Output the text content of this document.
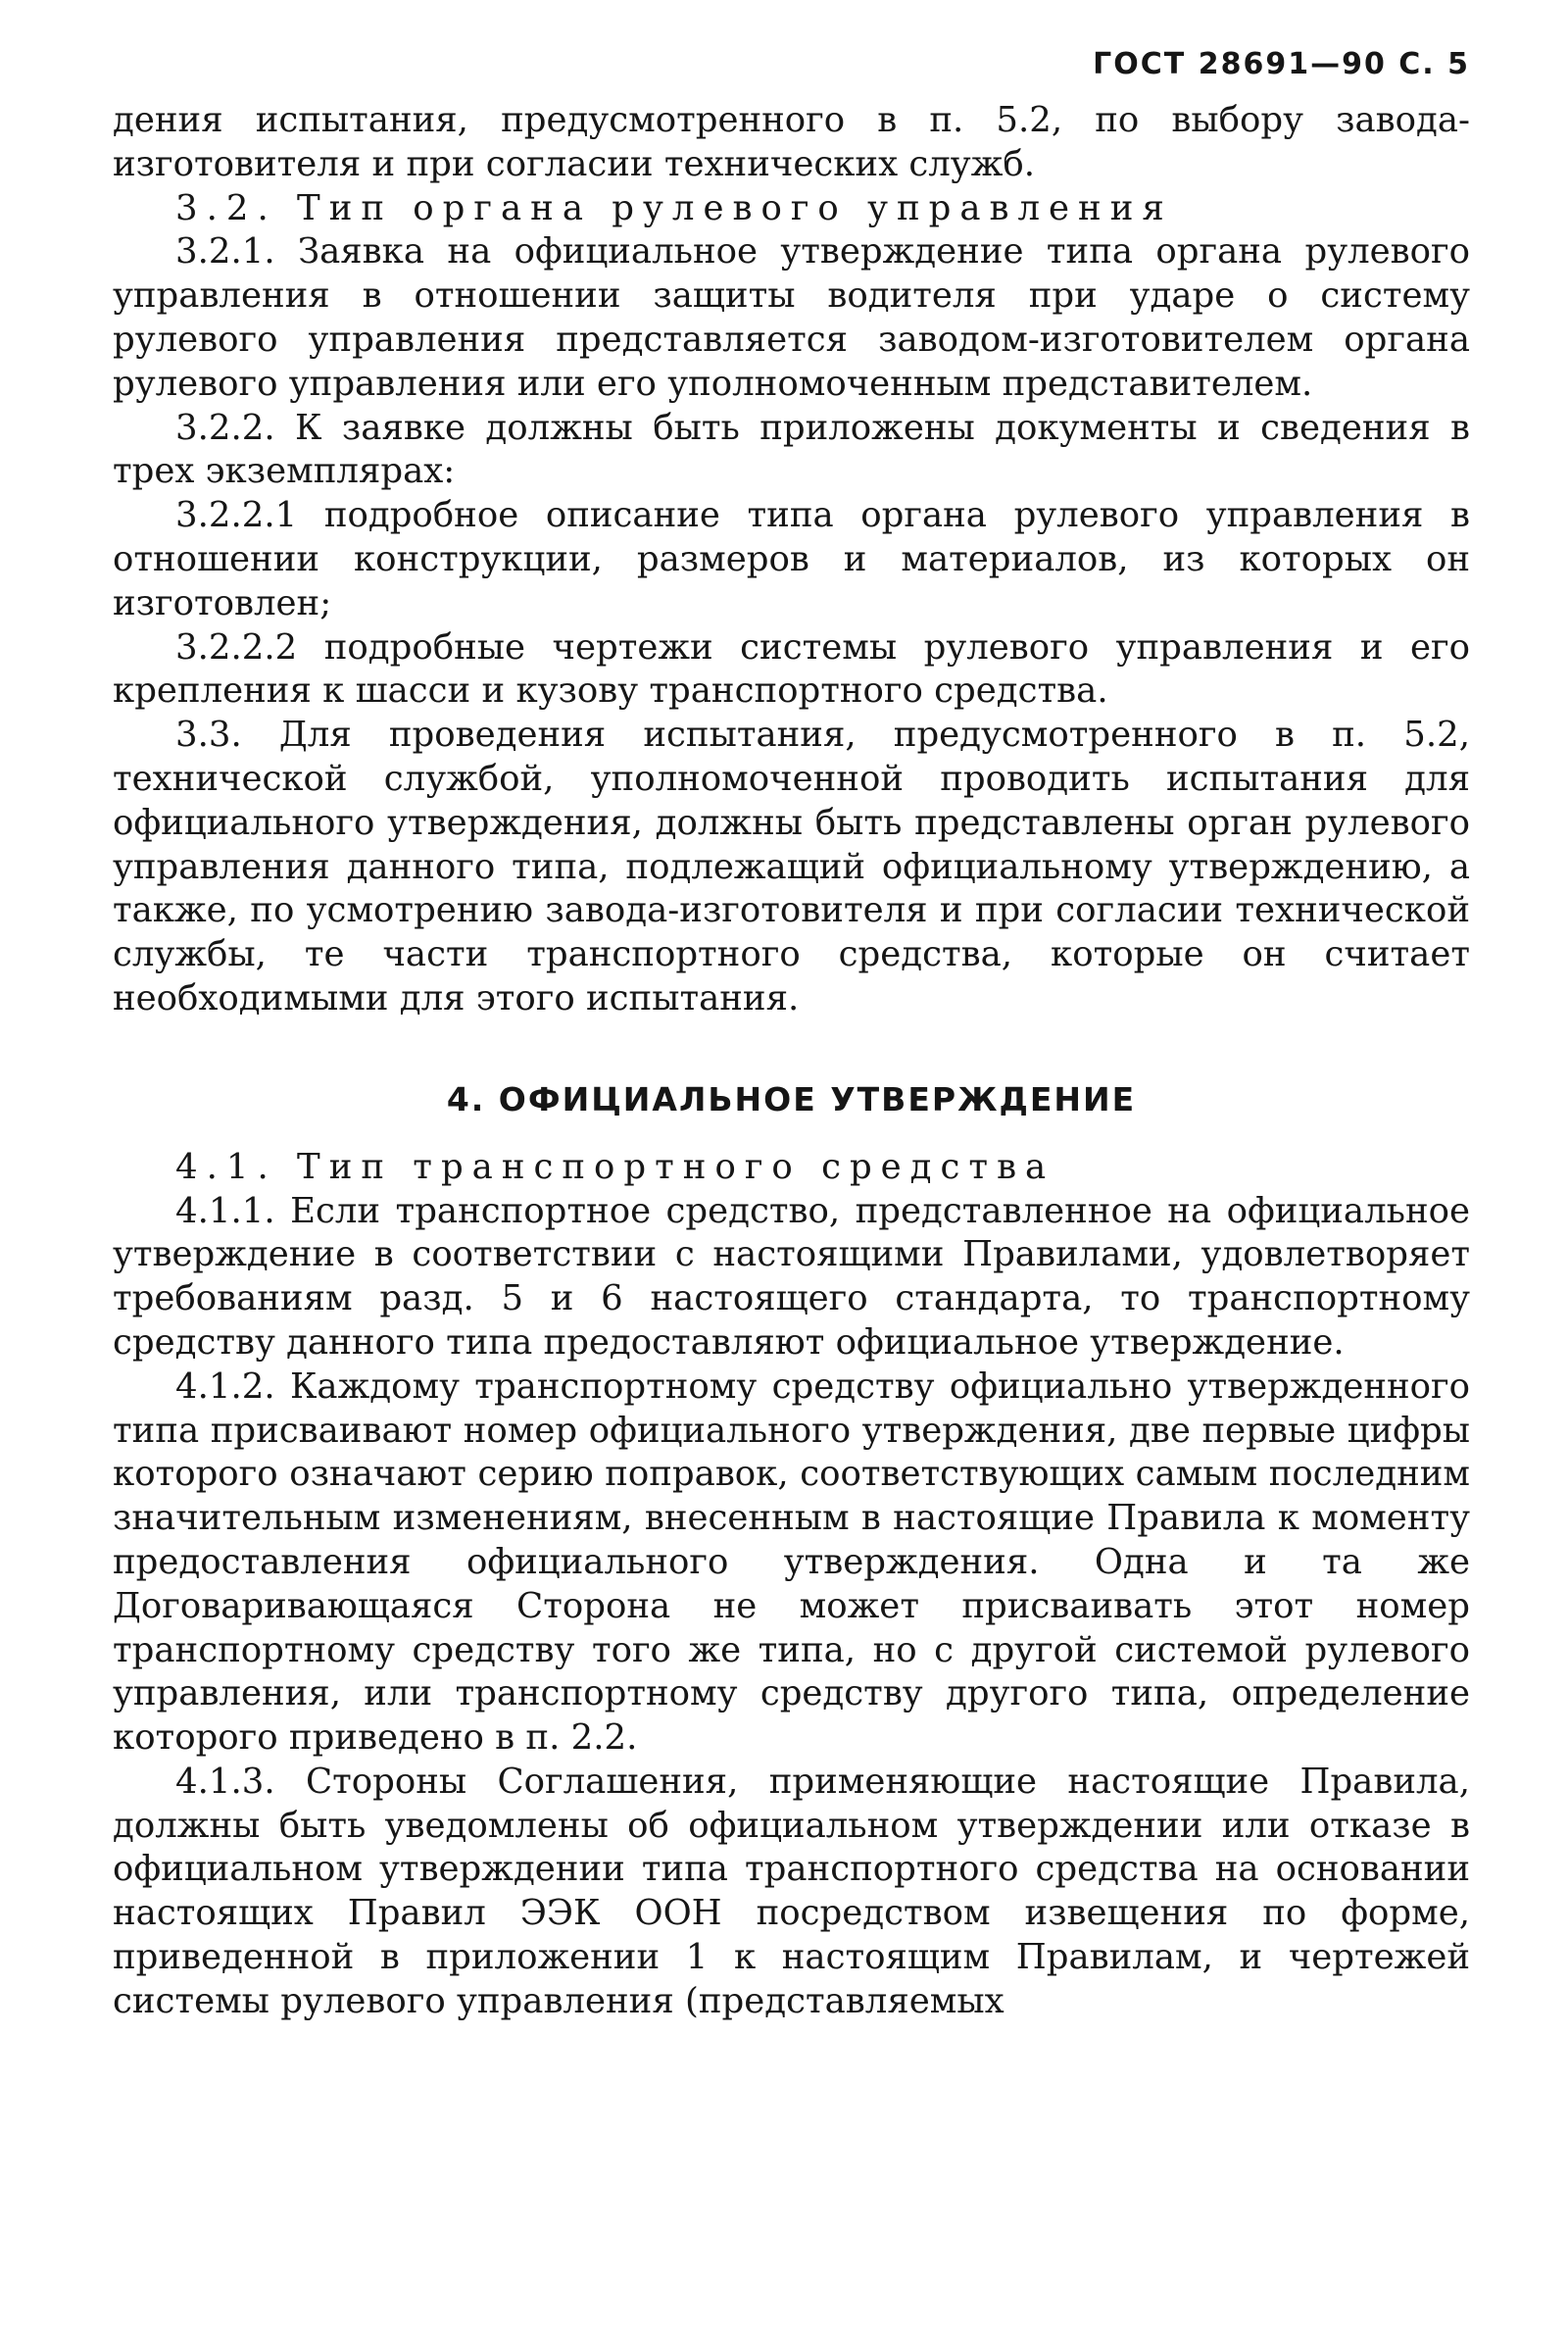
ГОСТ 28691—90 С. 5

дения испытания, предусмотренного в п. 5.2, по выбору завода-изготовителя и при согласии технических служб.

3.2. Тип органа рулевого управления

3.2.1. Заявка на официальное утверждение типа органа рулевого управления в отношении защиты водителя при ударе о систему рулевого управления представляется заводом-изготовителем органа рулевого управления или его уполномоченным представителем.

3.2.2. К заявке должны быть приложены документы и сведения в трех экземплярах:

3.2.2.1 подробное описание типа органа рулевого управления в отношении конструкции, размеров и материалов, из которых он изготовлен;

3.2.2.2 подробные чертежи системы рулевого управления и его крепления к шасси и кузову транспортного средства.

3.3. Для проведения испытания, предусмотренного в п. 5.2, технической службой, уполномоченной проводить испытания для официального утверждения, должны быть представлены орган рулевого управления данного типа, подлежащий официальному утверждению, а также, по усмотрению завода-изготовителя и при согласии технической службы, те части транспортного средства, которые он считает необходимыми для этого испытания.

4. ОФИЦИАЛЬНОЕ УТВЕРЖДЕНИЕ

4.1. Тип транспортного средства

4.1.1. Если транспортное средство, представленное на официальное утверждение в соответствии с настоящими Правилами, удовлетворяет требованиям разд. 5 и 6 настоящего стандарта, то транспортному средству данного типа предоставляют официальное утверждение.

4.1.2. Каждому транспортному средству официально утвержденного типа присваивают номер официального утверждения, две первые цифры которого означают серию поправок, соответствующих самым последним значительным изменениям, внесенным в настоящие Правила к моменту предоставления официального утверждения. Одна и та же Договаривающаяся Сторона не может присваивать этот номер транспортному средству того же типа, но с другой системой рулевого управления, или транспортному средству другого типа, определение которого приведено в п. 2.2.

4.1.3. Стороны Соглашения, применяющие настоящие Правила, должны быть уведомлены об официальном утверждении или отказе в официальном утверждении типа транспортного средства на основании настоящих Правил ЭЭК ООН посредством извещения по форме, приведенной в приложении 1 к настоящим Правилам, и чертежей системы рулевого управления (представляемых
